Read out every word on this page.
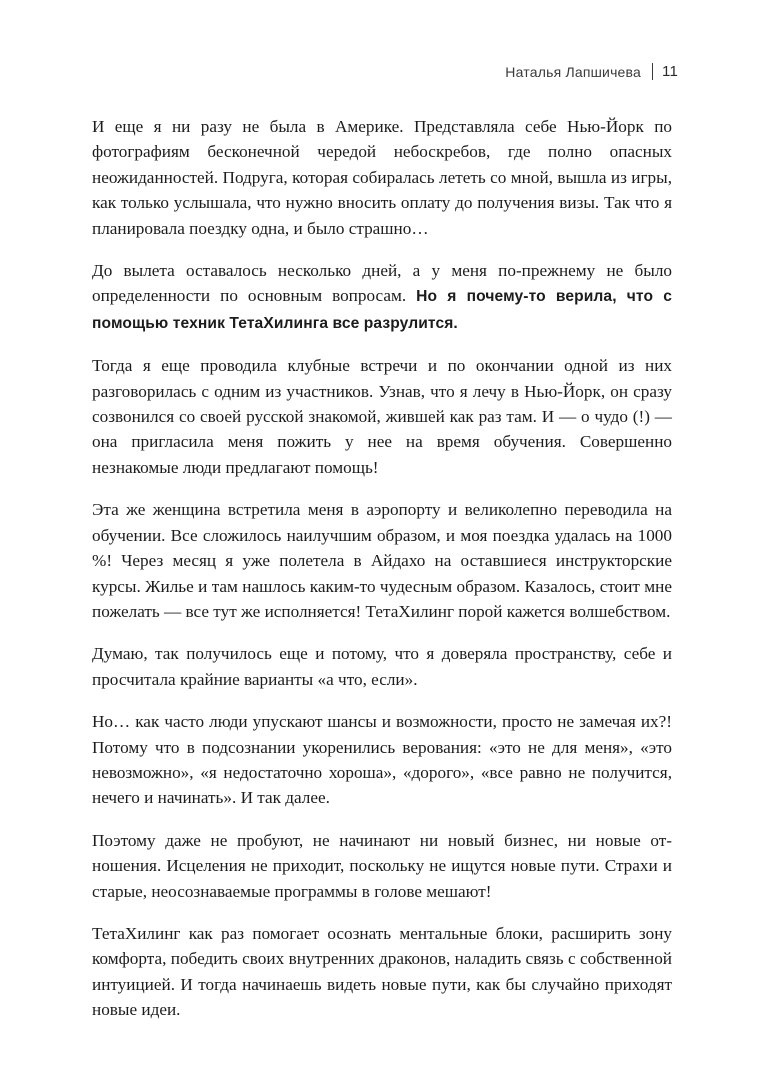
Наталья Лапшичева 11

И еще я ни разу не была в Америке. Представляла себе Нью-Йорк по фотографиям бесконечной чередой небоскребов, где полно опасных неожиданностей. Подруга, которая собиралась лететь со мной, вышла из игры, как только услышала, что нужно вносить оплату до получения визы. Так что я планировала поездку одна, и было страшно…

До вылета оставалось несколько дней, а у меня по-прежнему не было определенности по основным вопросам. Но я почему-то верила, что с помощью техник ТетаХилинга все разрулится.

Тогда я еще проводила клубные встречи и по окончании одной из них разговорилась с одним из участников. Узнав, что я лечу в Нью-Йорк, он сразу созвонился со своей русской знакомой, жившей как раз там. И — о чудо (!) — она пригласила меня пожить у нее на время обучения. Совершенно незнакомые люди предлагают помощь!

Эта же женщина встретила меня в аэропорту и великолепно переводила на обучении. Все сложилось наилучшим образом, и моя поездка удалась на 1000 %! Через месяц я уже полетела в Айдахо на оставшиеся инструкторские курсы. Жилье и там нашлось каким-то чудесным образом. Казалось, стоит мне пожелать — все тут же исполняется! ТетаХилинг порой кажется волшебством.

Думаю, так получилось еще и потому, что я доверяла пространству, себе и просчитала крайние варианты «а что, если».

Но… как часто люди упускают шансы и возможности, просто не замечая их?! Потому что в подсознании укоренились верования: «это не для меня», «это невозможно», «я недостаточно хороша», «дорого», «все равно не получится, нечего и начинать». И так далее.

Поэтому даже не пробуют, не начинают ни новый бизнес, ни новые отношения. Исцеления не приходит, поскольку не ищутся новые пути. Страхи и старые, неосознаваемые программы в голове мешают!

ТетаХилинг как раз помогает осознать ментальные блоки, расширить зону комфорта, победить своих внутренних драконов, наладить связь с собственной интуицией. И тогда начинаешь видеть новые пути, как бы случайно приходят новые идеи.
